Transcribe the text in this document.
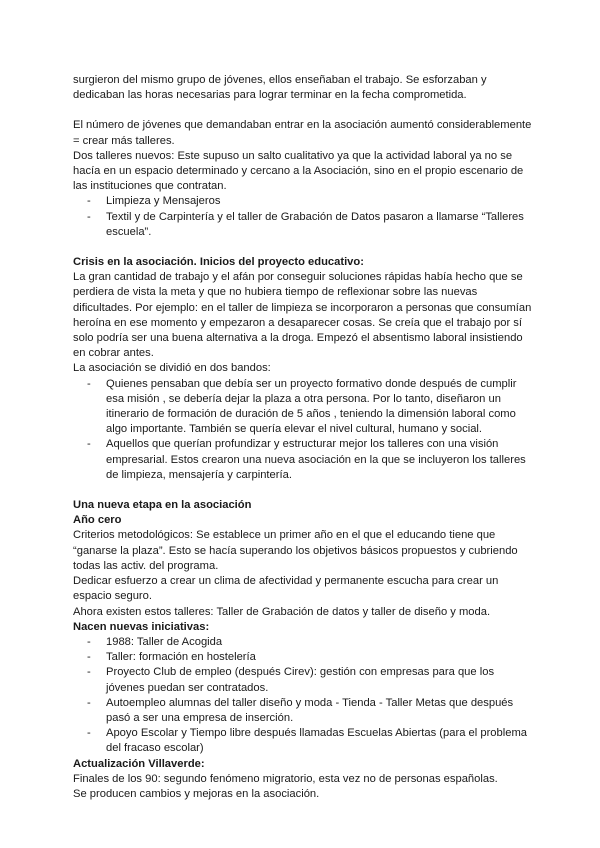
surgieron del mismo grupo de jóvenes, ellos enseñaban el trabajo. Se esforzaban y dedicaban las horas necesarias para lograr terminar en la fecha comprometida.

El número de jóvenes que demandaban entrar en la asociación aumentó considerablemente = crear más talleres.

Dos talleres nuevos: Este supuso un salto cualitativo ya que la actividad laboral ya no se hacía en un espacio determinado y cercano a la Asociación, sino en el propio escenario de las instituciones que contratan.

- Limpieza y Mensajeros
- Textil y de Carpintería y el taller de Grabación de Datos pasaron a llamarse “Talleres escuela”.

Crisis en la asociación. Inicios del proyecto educativo:

La gran cantidad de trabajo y el afán por conseguir soluciones rápidas había hecho que se perdiera de vista la meta y que no hubiera tiempo de reflexionar sobre las nuevas dificultades. Por ejemplo: en el taller de limpieza se incorporaron a personas que consumían heroína en ese momento y empezaron a desaparecer cosas. Se creía que el trabajo por sí solo podría ser una buena alternativa a la droga. Empezó el absentismo laboral insistiendo en cobrar antes.

La asociación se dividió en dos bandos:

- Quienes pensaban que debía ser un proyecto formativo donde después de cumplir esa misión , se debería dejar la plaza a otra persona. Por lo tanto, diseñaron un itinerario de formación de duración de 5 años , teniendo la dimensión laboral como algo importante. También se quería elevar el nivel cultural, humano y social.
- Aquellos que querían profundizar y estructurar mejor los talleres con una visión empresarial. Estos crearon una nueva asociación en la que se incluyeron los talleres de limpieza, mensajería y carpintería.

Una nueva etapa en la asociación

Año cero

Criterios metodológicos: Se establece un primer año en el que el educando tiene que “ganarse la plaza”. Esto se hacía superando los objetivos básicos propuestos y cubriendo todas las activ. del programa.

Dedicar esfuerzo a crear un clima de afectividad y permanente escucha para crear un espacio seguro.

Ahora existen estos talleres: Taller de Grabación de datos y taller de diseño y moda.

Nacen nuevas iniciativas:

- 1988: Taller de Acogida
- Taller: formación en hostelería
- Proyecto Club de empleo (después Cirev): gestión con empresas para que los jóvenes puedan ser contratados.
- Autoempleo alumnas del taller diseño y moda - Tienda - Taller Metas que después pasó a ser una empresa de inserción.
- Apoyo Escolar y Tiempo libre después llamadas Escuelas Abiertas (para el problema del fracaso escolar)

Actualización Villaverde:

Finales de los 90: segundo fenómeno migratorio, esta vez no de personas españolas.

Se producen cambios y mejoras en la asociación.
